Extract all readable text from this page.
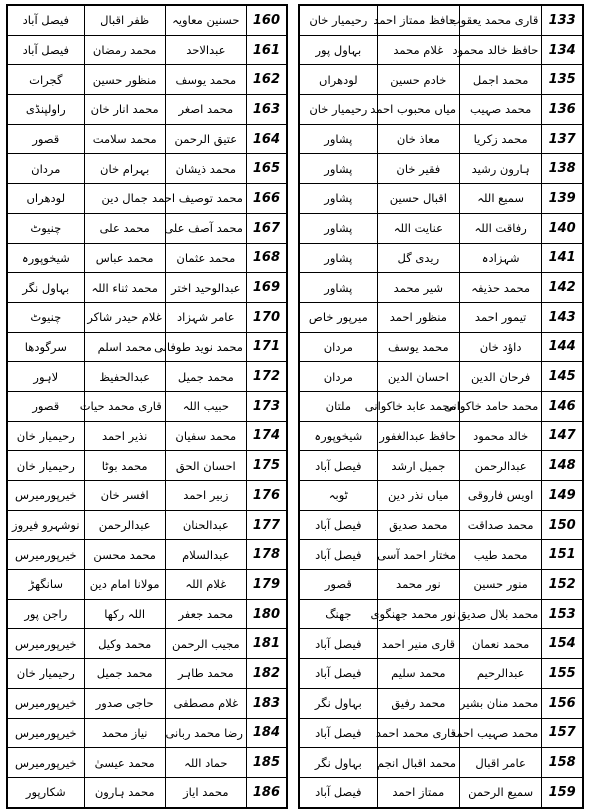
فیصل آباد	ظفر اقبال	حسنین معاویہ	160
فیصل آباد	محمد رمضان	عبدالاحد	161
گجرات	منظور حسین	محمد یوسف	162
راولپنڈی	محمد انار خان	محمد اصغر	163
قصور	محمد سلامت	عتیق الرحمن	164
مردان	بہرام خان	محمد ذیشان	165
لودھراں	جمال دین	محمد توصیف احمد	166
چنیوٹ	محمد علی	محمد آصف علی	167
شیخوپورہ	محمد عباس	محمد عثمان	168
بہاول نگر	محمد ثناء اللہ	عبدالوحید اختر	169
چنیوٹ	غلام حیدر شاکر	عامر شہزاد	170
سرگودھا	محمد اسلم	محمد نوید طوفانی	171
لاہور	عبدالحفیظ	محمد جمیل	172
قصور	قاری محمد حیات	حبیب اللہ	173
رحیمیار خان	نذیر احمد	محمد سفیان	174
رحیمیار خان	محمد بوٹا	احسان الحق	175
خیرپورمیرس	افسر خان	زبیر احمد	176
نوشہرو فیروز	عبدالرحمن	عبدالحنان	177
خیرپورمیرس	محمد محسن	عبدالسلام	178
سانگھڑ	مولانا امام دین	غلام اللہ	179
راجن پور	اللہ رکھا	محمد جعفر	180
خیرپورمیرس	محمد وکیل	مجیب الرحمن	181
رحیمیار خان	محمد جمیل	محمد طاہر	182
خیرپورمیرس	حاجی صدور	غلام مصطفی	183
خیرپورمیرس	نیاز محمد	رضا محمد ربانی	184
خیرپورمیرس	محمد عیسیٰ	حماد اللہ	185
شکارپور	محمد ہارون	محمد ایاز	186
رحیمیار خان	حافظ ممتاز احمد	قاری محمد یعقوب	133
بہاول پور	غلام محمد	حافظ خالد محمود	134
لودھراں	خادم حسین	محمد اجمل	135
رحیمیار خان	میاں محبوب احمد	محمد صہیب	136
پشاور	معاذ خان	محمد زکریا	137
پشاور	فقیر خان	ہارون رشید	138
پشاور	اقبال حسین	سمیع اللہ	139
پشاور	عنایت اللہ	رفاقت اللہ	140
پشاور	ریدی گل	شہزادہ	141
پشاور	شیر محمد	محمد حذیفہ	142
میرپور خاص	منظور احمد	تیمور احمد	143
مردان	محمد یوسف	داؤد خان	144
مردان	احسان الدین	فرحان الدین	145
ملتان	محمد عابد خاکوانی	محمد حامد خاکوانی	146
شیخوپورہ	حافظ عبدالغفور	خالد محمود	147
فیصل آباد	جمیل ارشد	عبدالرحمن	148
ٹوبہ	میاں نذر دین	اویس فاروقی	149
فیصل آباد	محمد صدیق	محمد صداقت	150
فیصل آباد	مختار احمد آسی	محمد طیب	151
قصور	نور محمد	منور حسین	152
جھنگ	نور محمد جھنگوی	محمد بلال صدیق	153
فیصل آباد	قاری منیر احمد	محمد نعمان	154
فیصل آباد	محمد سلیم	عبدالرحیم	155
بہاول نگر	محمد رفیق	محمد منان بشیر	156
فیصل آباد	قاری محمد احمد	محمد صہیب احمد	157
بہاول نگر	محمد اقبال انجم	عامر اقبال	158
فیصل آباد	ممتاز احمد	سمیع الرحمن	159
